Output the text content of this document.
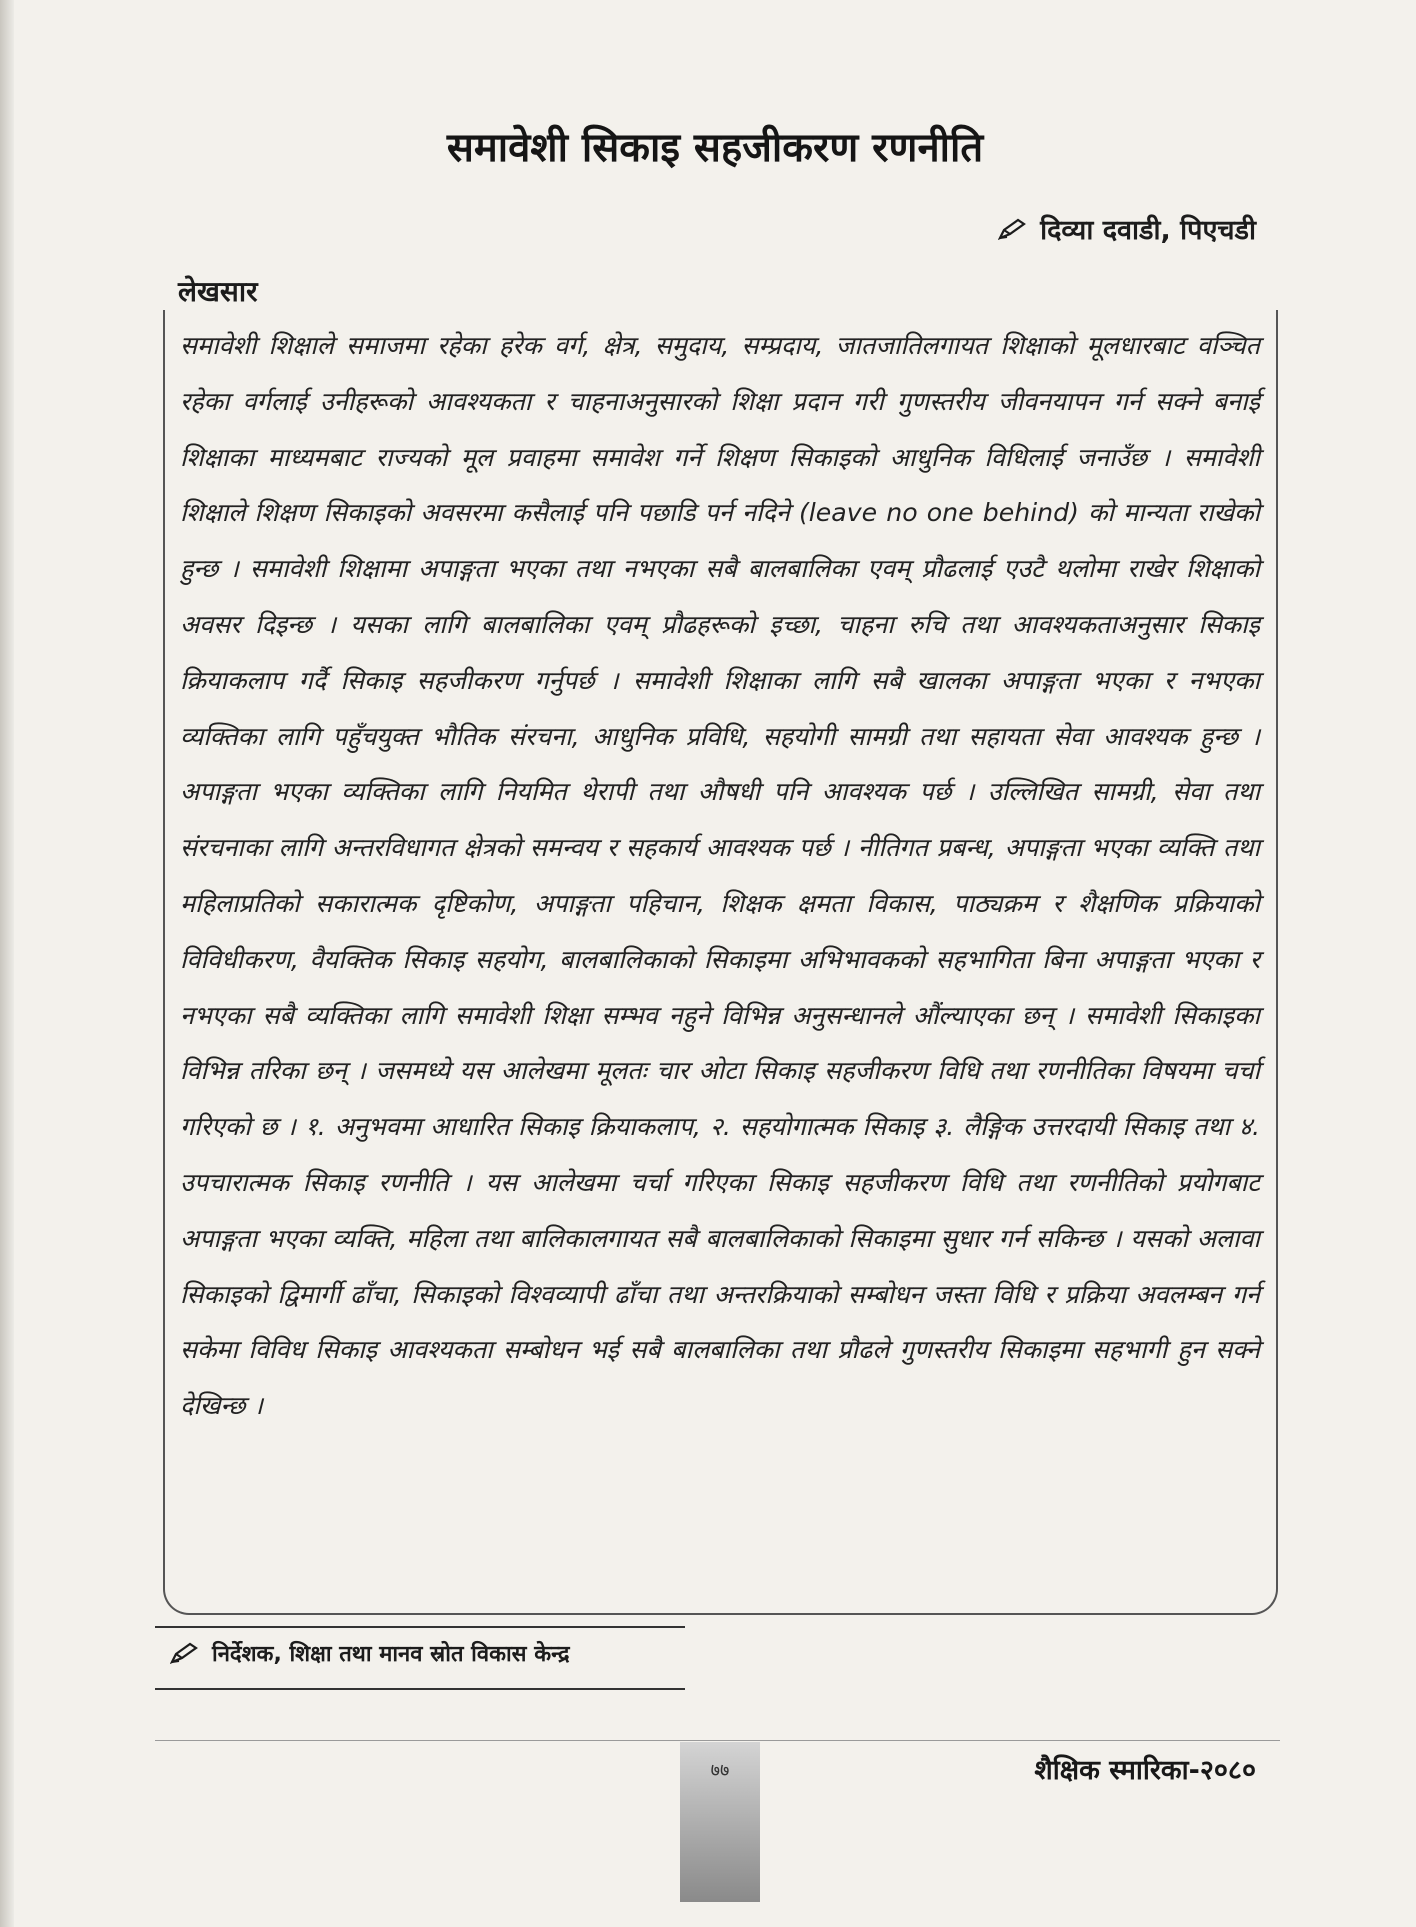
समावेशी सिकाइ सहजीकरण रणनीति
दिव्या दवाडी, पिएचडी
लेखसार

समावेशी शिक्षाले समाजमा रहेका हरेक वर्ग, क्षेत्र, समुदाय, सम्प्रदाय, जातजातिलगायत शिक्षाको मूलधारबाट वञ्चित रहेका वर्गलाई उनीहरूको आवश्यकता र चाहनाअनुसारको शिक्षा प्रदान गरी गुणस्तरीय जीवनयापन गर्न सक्ने बनाई शिक्षाका माध्यमबाट राज्यको मूल प्रवाहमा समावेश गर्ने शिक्षण सिकाइको आधुनिक विधिलाई जनाउँछ । समावेशी शिक्षाले शिक्षण सिकाइको अवसरमा कसैलाई पनि पछाडि पर्न नदिने (leave no one behind) को मान्यता राखेको हुन्छ । समावेशी शिक्षामा अपाङ्गता भएका तथा नभएका सबै बालबालिका एवम् प्रौढलाई एउटै थलोमा राखेर शिक्षाको अवसर दिइन्छ । यसका लागि बालबालिका एवम् प्रौढहरूको इच्छा, चाहना रुचि तथा आवश्यकताअनुसार सिकाइ क्रियाकलाप गर्दै सिकाइ सहजीकरण गर्नुपर्छ । समावेशी शिक्षाका लागि सबै खालका अपाङ्गता भएका र नभएका व्यक्तिका लागि पहुँचयुक्त भौतिक संरचना, आधुनिक प्रविधि, सहयोगी सामग्री तथा सहायता सेवा आवश्यक हुन्छ । अपाङ्गता भएका व्यक्तिका लागि नियमित थेरापी तथा औषधी पनि आवश्यक पर्छ । उल्लिखित सामग्री, सेवा तथा संरचनाका लागि अन्तरविधागत क्षेत्रको समन्वय र सहकार्य आवश्यक पर्छ । नीतिगत प्रबन्ध, अपाङ्गता भएका व्यक्ति तथा महिलाप्रतिको सकारात्मक दृष्टिकोण, अपाङ्गता पहिचान, शिक्षक क्षमता विकास, पाठ्यक्रम र शैक्षणिक प्रक्रियाको विविधीकरण, वैयक्तिक सिकाइ सहयोग, बालबालिकाको सिकाइमा अभिभावकको सहभागिता बिना अपाङ्गता भएका र नभएका सबै व्यक्तिका लागि समावेशी शिक्षा सम्भव नहुने विभिन्न अनुसन्धानले औंल्याएका छन् । समावेशी सिकाइका विभिन्न तरिका छन् । जसमध्ये यस आलेखमा मूलतः चार ओटा सिकाइ सहजीकरण विधि तथा रणनीतिका विषयमा चर्चा गरिएको छ । १. अनुभवमा आधारित सिकाइ क्रियाकलाप, २. सहयोगात्मक सिकाइ ३. लैङ्गिक उत्तरदायी सिकाइ तथा ४. उपचारात्मक सिकाइ रणनीति । यस आलेखमा चर्चा गरिएका सिकाइ सहजीकरण विधि तथा रणनीतिको प्रयोगबाट अपाङ्गता भएका व्यक्ति, महिला तथा बालिकालगायत सबै बालबालिकाको सिकाइमा सुधार गर्न सकिन्छ । यसको अलावा सिकाइको द्विमार्गी ढाँचा, सिकाइको विश्वव्यापी ढाँचा तथा अन्तरक्रियाको सम्बोधन जस्ता विधि र प्रक्रिया अवलम्बन गर्न सकेमा विविध सिकाइ आवश्यकता सम्बोधन भई सबै बालबालिका तथा प्रौढले गुणस्तरीय सिकाइमा सहभागी हुन सक्ने देखिन्छ ।

निर्देशक, शिक्षा तथा मानव स्रोत विकास केन्द्र
७७	शैक्षिक स्मारिका-२०८०
